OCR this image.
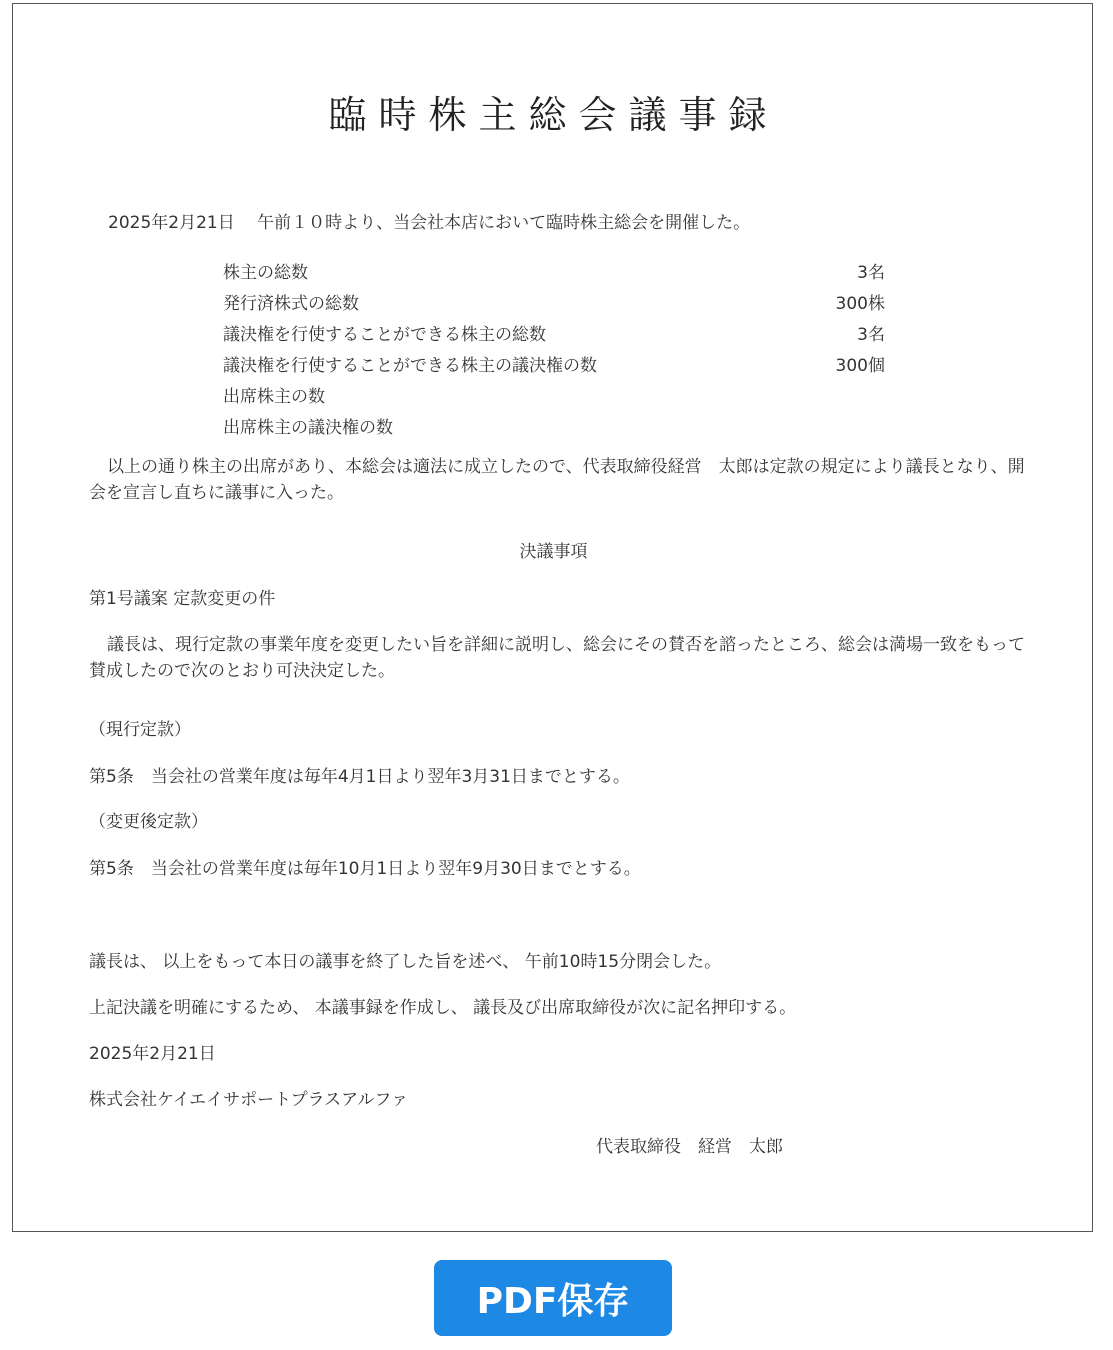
臨時株主総会議事録
2025年2月21日　 午前１０時より、当会社本店において臨時株主総会を開催した。
株主の総数	3名
発行済株式の総数	300株
議決権を行使することができる株主の総数	3名
議決権を行使することができる株主の議決権の数	300個
出席株主の数
出席株主の議決権の数
以上の通り株主の出席があり、本総会は適法に成立したので、代表取締役経営　太郎は定款の規定により議長となり、開会を宣言し直ちに議事に入った。
決議事項
第1号議案 定款変更の件
議長は、現行定款の事業年度を変更したい旨を詳細に説明し、総会にその賛否を諮ったところ、総会は満場一致をもって賛成したので次のとおり可決決定した。
（現行定款）
第5条　当会社の営業年度は毎年4月1日より翌年3月31日までとする。
（変更後定款）
第5条　当会社の営業年度は毎年10月1日より翌年9月30日までとする。
議長は、 以上をもって本日の議事を終了した旨を述べ、 午前10時15分閉会した。
上記決議を明確にするため、 本議事録を作成し、 議長及び出席取締役が次に記名押印する。
2025年2月21日
株式会社ケイエイサポートプラスアルファ
代表取締役　経営　太郎
PDF保存
